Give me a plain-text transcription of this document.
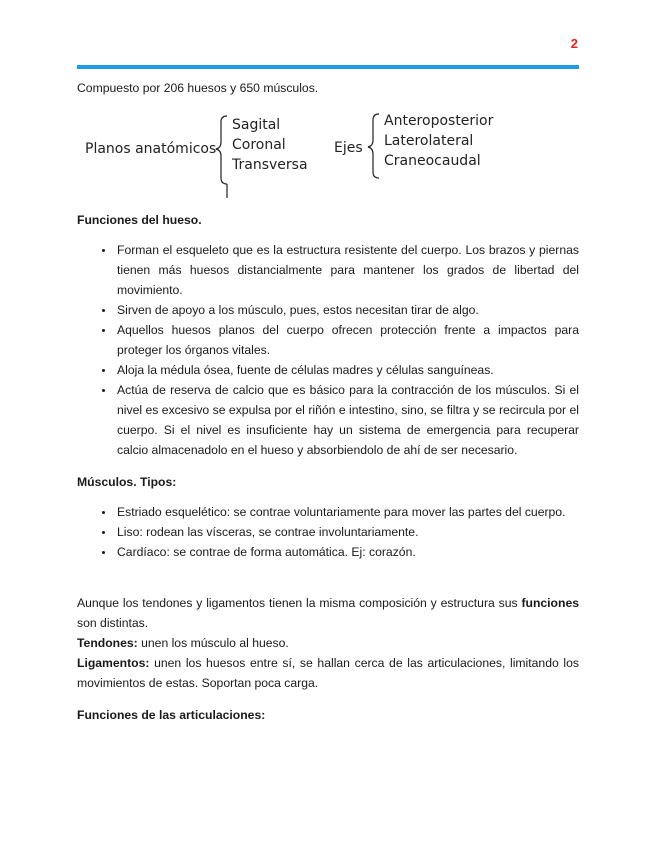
2

Compuesto por 206 huesos y 650 músculos.

Planos anatómicos
Sagital
Coronal
Transversa
Ejes
Anteroposterior
Laterolateral
Craneocaudal

Funciones del hueso.

• Forman el esqueleto que es la estructura resistente del cuerpo. Los brazos y piernas tienen más huesos distancialmente para mantener los grados de libertad del movimiento.
• Sirven de apoyo a los músculo, pues, estos necesitan tirar de algo.
• Aquellos huesos planos del cuerpo ofrecen protección frente a impactos para proteger los órganos vitales.
• Aloja la médula ósea, fuente de células madres y células sanguíneas.
• Actúa de reserva de calcio que es básico para la contracción de los músculos. Si el nivel es excesivo se expulsa por el riñón e intestino, sino, se filtra y se recircula por el cuerpo. Si el nivel es insuficiente hay un sistema de emergencia para recuperar calcio almacenadolo en el hueso y absorbiendolo de ahí de ser necesario.

Músculos. Tipos:

• Estriado esquelético: se contrae voluntariamente para mover las partes del cuerpo.
• Liso: rodean las vísceras, se contrae involuntariamente.
• Cardíaco: se contrae de forma automática. Ej: corazón.

Aunque los tendones y ligamentos tienen la misma composición y estructura sus funciones son distintas.

Tendones: unen los músculo al hueso.

Ligamentos: unen los huesos entre sí, se hallan cerca de las articulaciones, limitando los movimientos de estas. Soportan poca carga.

Funciones de las articulaciones:
